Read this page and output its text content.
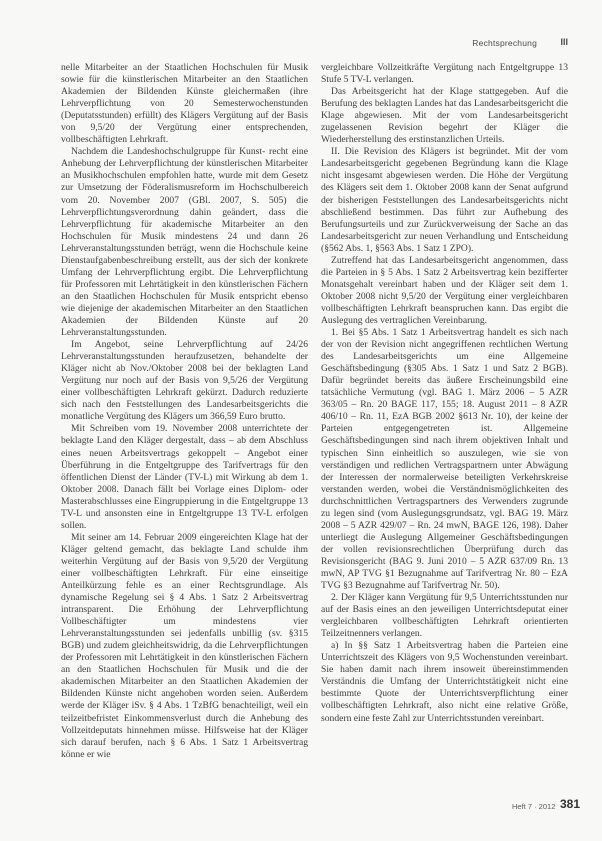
Rechtsprechung	III

nelle Mitarbeiter an der Staatlichen Hochschulen für Musik sowie für die künstlerischen Mitarbeiter an den Staatlichen Akademien der Bildenden Künste gleichermaßen (ihre Lehrverpflichtung von 20 Semesterwochenstunden (Deputatsstunden) erfüllt) des Klägers Vergütung auf der Basis von 9,5/20 der Vergütung einer entsprechenden, vollbeschäftigten Lehrkraft.

Nachdem die Landeshochschulgruppe für Kunst- recht eine Anhebung der Lehrverpflichtung der künstlerischen Mitarbeiter an Musikhochschulen empfohlen hatte, wurde mit dem Gesetz zur Umsetzung der Föderalismusreform im Hochschulbereich vom 20. November 2007 (GBl. 2007, S. 505) die Lehrverpflichtungsverordnung dahin geändert, dass die Lehrverpflichtung für akademische Mitarbeiter an den Hochschulen für Musik mindestens 24 und dann 26 Lehrveranstaltungsstunden beträgt, wenn die Hochschule keine Dienstaufgabenbeschreibung erstellt, aus der sich der konkrete Umfang der Lehrverpflichtung ergibt. Die Lehrverpflichtung für Professoren mit Lehrtätigkeit in den künstlerischen Fächern an den Staatlichen Hochschulen für Musik entspricht ebenso wie diejenige der akademischen Mitarbeiter an den Staatlichen Akademien der Bildenden Künste auf 20 Lehrveranstaltungsstunden.

Im Angebot, seine Lehrverpflichtung auf 24/26 Lehrveranstaltungsstunden heraufzusetzen, behandelte der Kläger nicht ab Nov./Oktober 2008 bei der beklagten Land Vergütung nur noch auf der Basis von 9,5/26 der Vergütung einer vollbeschäftigten Lehrkraft gekürzt. Dadurch reduzierte sich nach den Feststellungen des Landesarbeitsgerichts die monatliche Vergütung des Klägers um 366,59 Euro brutto.

Mit Schreiben vom 19. November 2008 unterrichtete der beklagte Land den Kläger dergestalt, dass – ab dem Abschluss eines neuen Arbeitsvertrags gekoppelt – Angebot einer Überführung in die Entgeltgruppe des Tarifvertrags für den öffentlichen Dienst der Länder (TV-L) mit Wirkung ab dem 1. Oktober 2008. Danach fällt bei Vorlage eines Diplom- oder Masterabschlusses eine Eingruppierung in die Entgeltgruppe 13 TV-L und ansonsten eine in Entgeltgruppe 13 TV-L erfolgen sollen.

Mit seiner am 14. Februar 2009 eingereichten Klage hat der Kläger geltend gemacht, das beklagte Land schulde ihm weiterhin Vergütung auf der Basis von 9,5/20 der Vergütung einer vollbeschäftigten Lehrkraft. Für eine einseitige Anteilkürzung fehle es an einer Rechtsgrundlage. Als dynamische Regelung sei § 4 Abs. 1 Satz 2 Arbeitsvertrag intransparent. Die Erhöhung der Lehrverpflichtung Vollbeschäftigter um mindestens vier Lehrveranstaltungsstunden sei jedenfalls unbillig (sv. §315 BGB) und zudem gleichheitswidrig, da die Lehrverpflichtungen der Professoren mit Lehrtätigkeit in den künstlerischen Fächern an den Staatlichen Hochschulen für Musik und die der akademischen Mitarbeiter an den Staatlichen Akademien der Bildenden Künste nicht angehoben worden seien. Außerdem werde der Kläger iSv. § 4 Abs. 1 TzBfG benachteiligt, weil ein teilzeitbefristet Einkommensverlust durch die Anhebung des Vollzeitdeputats hinnehmen müsse. Hilfsweise hat der Kläger sich darauf berufen, nach § 6 Abs. 1 Satz 1 Arbeitsvertrag könne er wie

vergleichbare Vollzeitkräfte Vergütung nach Entgeltgruppe 13 Stufe 5 TV-L verlangen.

Das Arbeitsgericht hat der Klage stattgegeben. Auf die Berufung des beklagten Landes hat das Landesarbeitsgericht die Klage abgewiesen. Mit der vom Landesarbeitsgericht zugelassenen Revision begehrt der Kläger die Wiederherstellung des erstinstanzlichen Urteils.

II. Die Revision des Klägers ist begründet. Mit der vom Landesarbeitsgericht gegebenen Begründung kann die Klage nicht insgesamt abgewiesen werden. Die Höhe der Vergütung des Klägers seit dem 1. Oktober 2008 kann der Senat aufgrund der bisherigen Feststellungen des Landesarbeitsgerichts nicht abschließend bestimmen. Das führt zur Aufhebung des Berufungsurteils und zur Zurückverweisung der Sache an das Landesarbeitsgericht zur neuen Verhandlung und Entscheidung (§562 Abs. 1, §563 Abs. 1 Satz 1 ZPO).

Zutreffend hat das Landesarbeitsgericht angenommen, dass die Parteien in § 5 Abs. 1 Satz 2 Arbeitsvertrag kein bezifferter Monatsgehalt vereinbart haben und der Kläger seit dem 1. Oktober 2008 nicht 9,5/20 der Vergütung einer vergleichbaren vollbeschäftigten Lehrkraft beanspruchen kann. Das ergibt die Auslegung des vertraglichen Vereinbarung.

1. Bei §5 Abs. 1 Satz 1 Arbeitsvertrag handelt es sich nach der von der Revision nicht angegriffenen rechtlichen Wertung des Landesarbeitsgerichts um eine Allgemeine Geschäftsbedingung (§305 Abs. 1 Satz 1 und Satz 2 BGB). Dafür begründet bereits das äußere Erscheinungsbild eine tatsächliche Vermutung (vgl. BAG 1. März 2006 – 5 AZR 363/05 – Rn. 20 BAGE 117, 155; 18. August 2011 – 8 AZR 406/10 – Rn. 11, EzA BGB 2002 §613 Nr. 10), der keine der Parteien entgegengetreten ist. Allgemeine Geschäftsbedingungen sind nach ihrem objektiven Inhalt und typischen Sinn einheitlich so auszulegen, wie sie von verständigen und redlichen Vertragspartnern unter Abwägung der Interessen der normalerweise beteiligten Verkehrskreise verstanden werden, wobei die Verständnismöglichkeiten des durchschnittlichen Vertragspartners des Verwenders zugrunde zu legen sind (vom Auslegungsgrundsatz, vgl. BAG 19. März 2008 – 5 AZR 429/07 – Rn. 24 mwN, BAGE 126, 198). Daher unterliegt die Auslegung Allgemeiner Geschäftsbedingungen der vollen revisionsrechtlichen Überprüfung durch das Revisionsgericht (BAG 9. Juni 2010 – 5 AZR 637/09 Rn. 13 mwN, AP TVG §1 Bezugnahme auf Tarifvertrag Nr. 80 – EzA TVG §3 Bezugnahme auf Tarifvertrag Nr. 50).

2. Der Kläger kann Vergütung für 9,5 Unterrichtsstunden nur auf der Basis eines an den jeweiligen Unterrichtsdeputat einer vergleichbaren vollbeschäftigten Lehrkraft orientierten Teilzeitnenners verlangen.

a) In §§ Satz 1 Arbeitsvertrag haben die Parteien eine Unterrichtszeit des Klägers von 9,5 Wochenstunden vereinbart. Sie haben damit nach ihrem insoweit übereinstimmenden Verständnis die Umfang der Unterrichtstätigkeit nicht eine bestimmte Quote der Unterrichtsverpflichtung einer vollbeschäftigten Lehrkraft, also nicht eine relative Größe, sondern eine feste Zahl zur Unterrichtsstunden vereinbart.

Heft 7 · 2012 381
